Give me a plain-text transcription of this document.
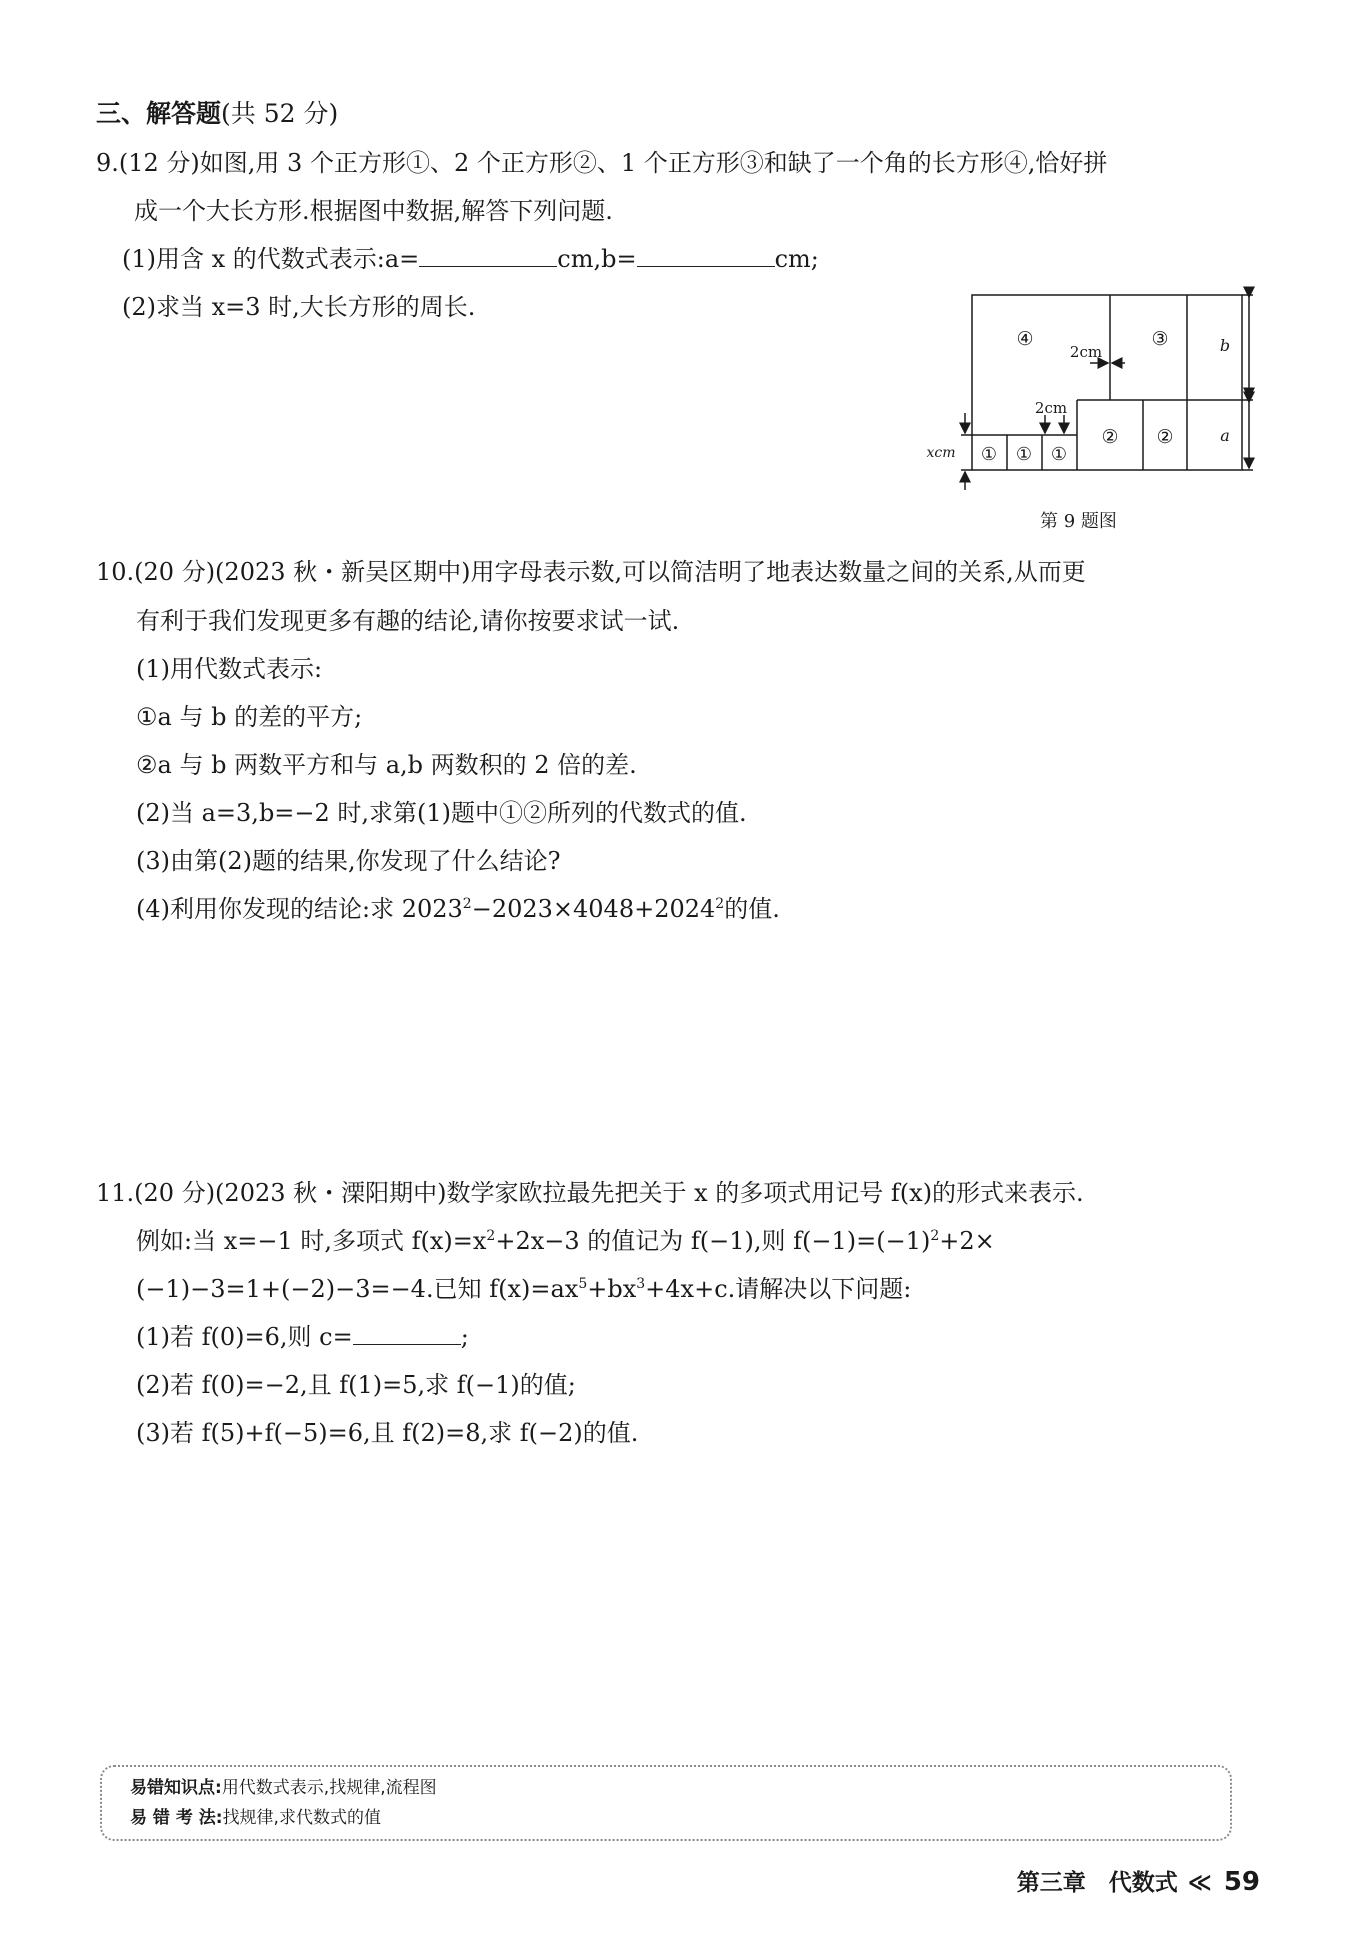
三、解答题(共 52 分)
9.(12 分)如图,用 3 个正方形①、2 个正方形②、1 个正方形③和缺了一个角的长方形④,恰好拼
成一个大长方形.根据图中数据,解答下列问题.
(1)用含 x 的代数式表示:a=	cm,b=	cm;
(2)求当 x=3 时,大长方形的周长.
④	③
② ②
① ① ①
2cm
2cm
xcm
b
a
第 9 题图
10.(20 分)(2023 秋・新吴区期中)用字母表示数,可以简洁明了地表达数量之间的关系,从而更
有利于我们发现更多有趣的结论,请你按要求试一试.
(1)用代数式表示:
①a 与 b 的差的平方;
②a 与 b 两数平方和与 a,b 两数积的 2 倍的差.
(2)当 a=3,b=−2 时,求第(1)题中①②所列的代数式的值.
(3)由第(2)题的结果,你发现了什么结论?
(4)利用你发现的结论:求 $2023^2-2023\times 4048+2024^2$的值.
11.(20 分)(2023 秋・溧阳期中)数学家欧拉最先把关于 x 的多项式用记号 f(x)的形式来表示.
例如:当 x=−1 时,多项式 $f(x)=x^2+2x-3$ 的值记为 f(−1),则 $f(-1)=(-1)^2+2\times$
(−1)−3=1+(−2)−3=−4.已知 $f(x)=ax^5+bx^3+4x+c$.请解决以下问题:
(1)若 f(0)=6,则 c=	;
(2)若 f(0)=−2,且 f(1)=5,求 f(−1)的值;
(3)若 f(5)+f(−5)=6,且 f(2)=8,求 f(−2)的值.
易错知识点:用代数式表示,找规律,流程图
易 错 考 法:找规律,求代数式的值
第三章　代数式 ≪ 59
